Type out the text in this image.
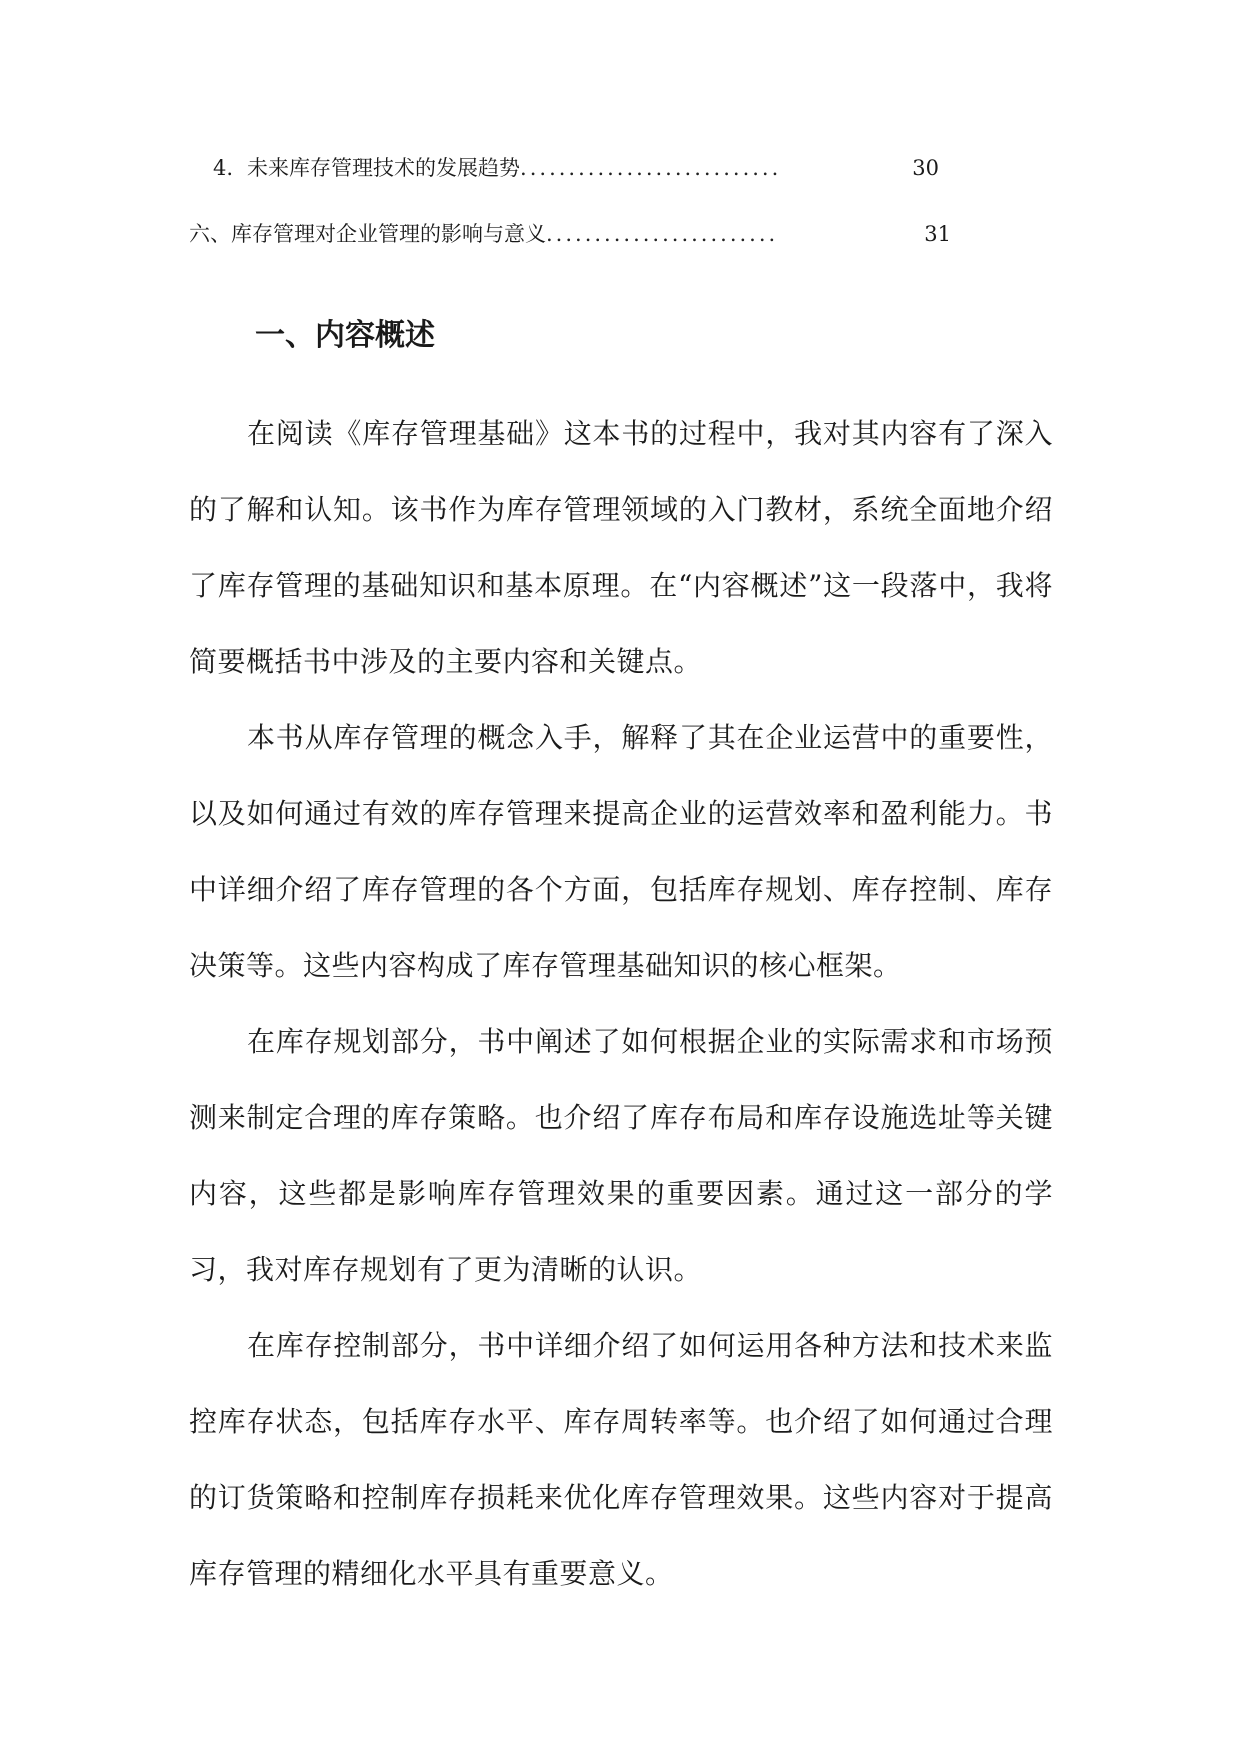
4. 未来库存管理技术的发展趋势 ...........................	30
六、库存管理对企业管理的影响与意义 ........................	31
一、内容概述

在阅读《库存管理基础》这本书的过程中，我对其内容有了深入的了解和认知。该书作为库存管理领域的入门教材，系统全面地介绍了库存管理的基础知识和基本原理。在“内容概述”这一段落中，我将简要概括书中涉及的主要内容和关键点。

本书从库存管理的概念入手，解释了其在企业运营中的重要性，以及如何通过有效的库存管理来提高企业的运营效率和盈利能力。书中详细介绍了库存管理的各个方面，包括库存规划、库存控制、库存决策等。这些内容构成了库存管理基础知识的核心框架。

在库存规划部分，书中阐述了如何根据企业的实际需求和市场预测来制定合理的库存策略。也介绍了库存布局和库存设施选址等关键内容，这些都是影响库存管理效果的重要因素。通过这一部分的学习，我对库存规划有了更为清晰的认识。

在库存控制部分，书中详细介绍了如何运用各种方法和技术来监控库存状态，包括库存水平、库存周转率等。也介绍了如何通过合理的订货策略和控制库存损耗来优化库存管理效果。这些内容对于提高库存管理的精细化水平具有重要意义。
